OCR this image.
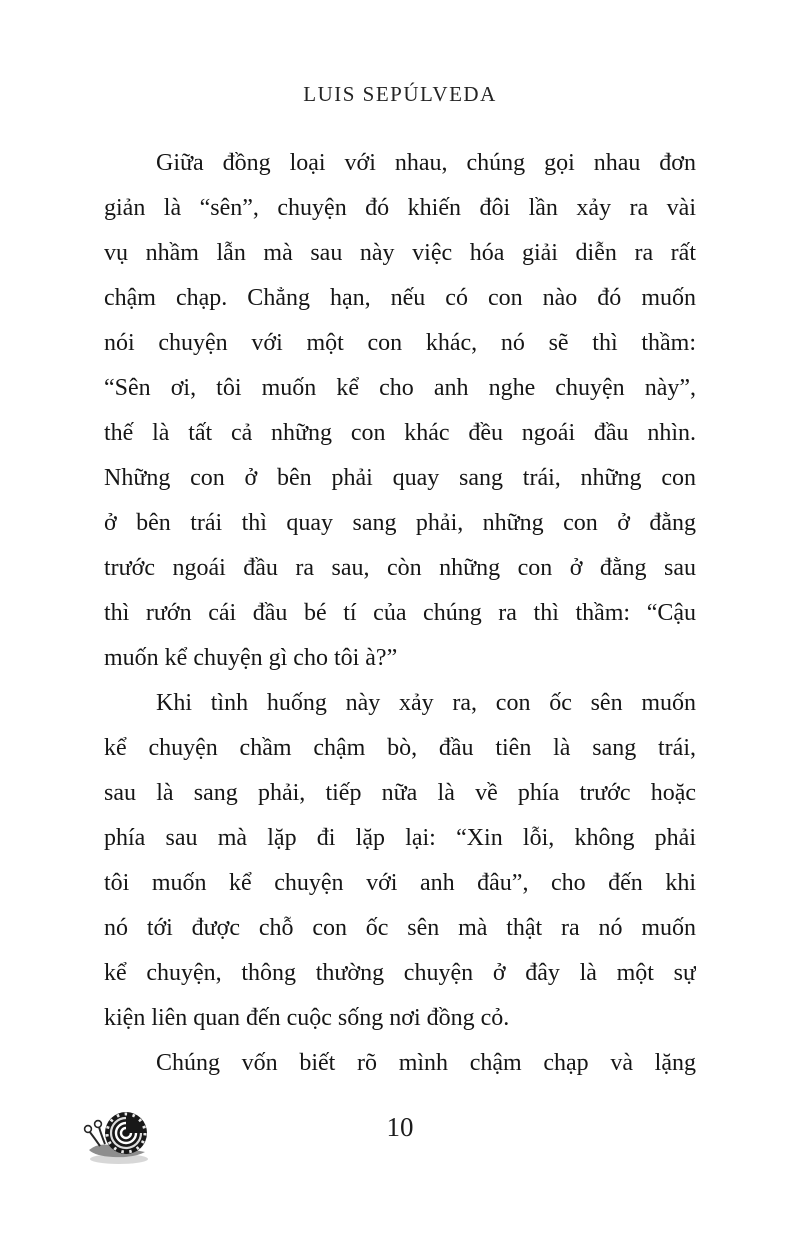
LUIS SEPÚLVEDA
Giữa đồng loại với nhau, chúng gọi nhau đơn
giản là “sên”, chuyện đó khiến đôi lần xảy ra vài
vụ nhầm lẫn mà sau này việc hóa giải diễn ra rất
chậm chạp. Chẳng hạn, nếu có con nào đó muốn
nói chuyện với một con khác, nó sẽ thì thầm:
“Sên ơi, tôi muốn kể cho anh nghe chuyện này”,
thế là tất cả những con khác đều ngoái đầu nhìn.
Những con ở bên phải quay sang trái, những con
ở bên trái thì quay sang phải, những con ở đằng
trước ngoái đầu ra sau, còn những con ở đằng sau
thì rướn cái đầu bé tí của chúng ra thì thầm: “Cậu
muốn kể chuyện gì cho tôi à?”
Khi tình huống này xảy ra, con ốc sên muốn
kể chuyện chầm chậm bò, đầu tiên là sang trái,
sau là sang phải, tiếp nữa là về phía trước hoặc
phía sau mà lặp đi lặp lại: “Xin lỗi, không phải
tôi muốn kể chuyện với anh đâu”, cho đến khi
nó tới được chỗ con ốc sên mà thật ra nó muốn
kể chuyện, thông thường chuyện ở đây là một sự
kiện liên quan đến cuộc sống nơi đồng cỏ.
Chúng vốn biết rõ mình chậm chạp và lặng
10
